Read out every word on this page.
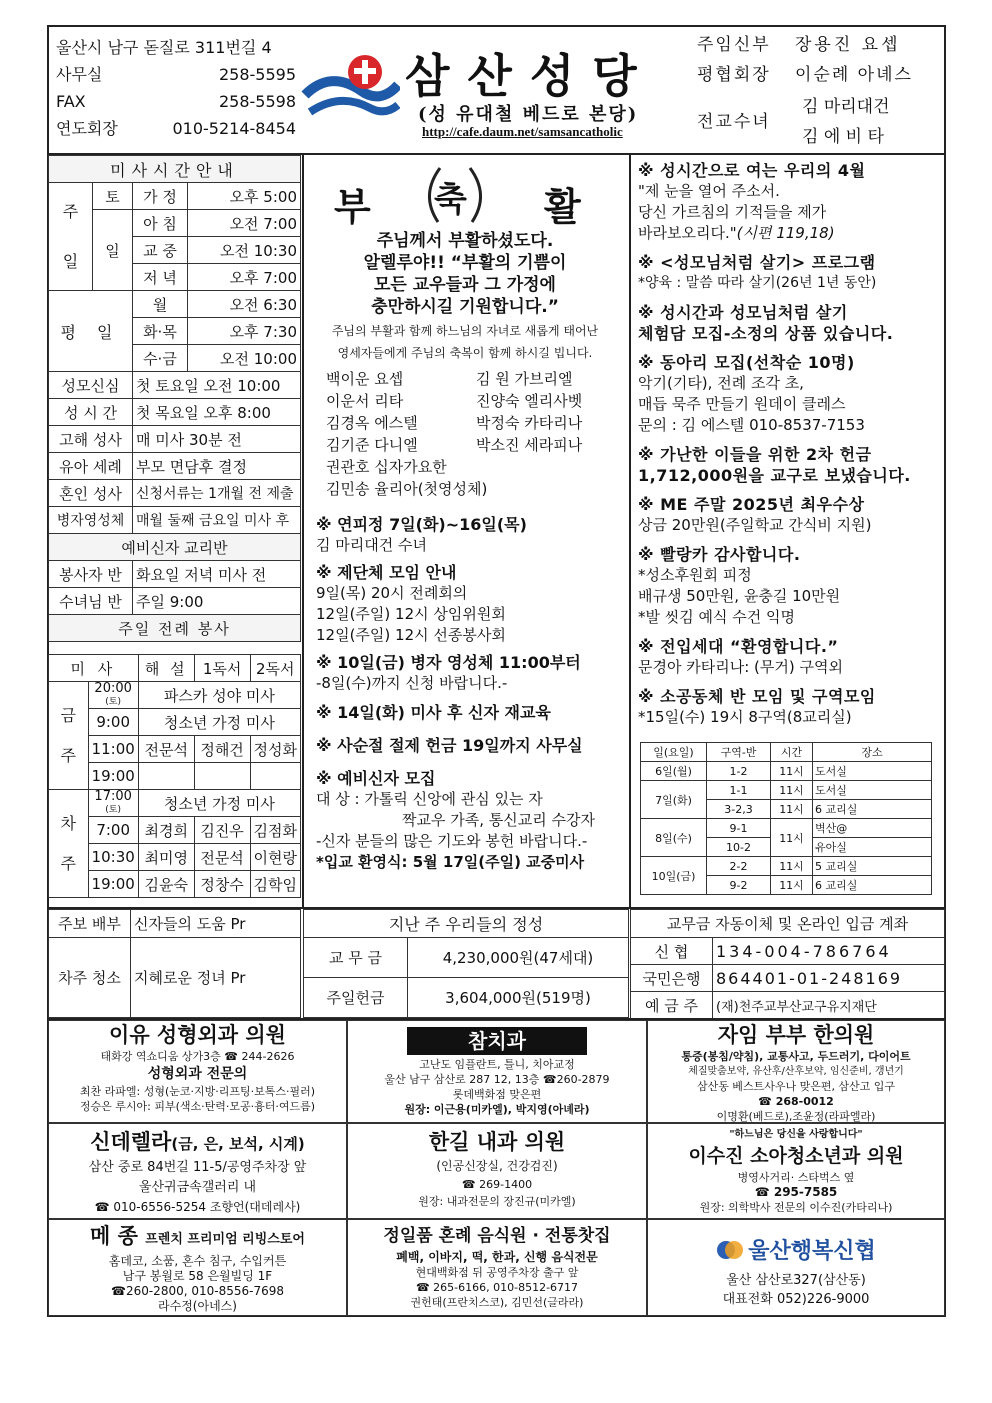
울산시 남구 돋질로 311번길 4
사무실	258-5595
FAX	258-5598
연도회장	010-5214-8454
삼산성당
(성 유대철 베드로 본당)
http://cafe.daum.net/samsancatholic
주임신부	장용진 요셉
평협회장	이순례 아녜스
전교수녀
김 마리대건
김 에 비 타
미사시간안내			
주
일	토	가 정	오후 5:00
	일	아 침	오전 7:00
		교 중	오전 10:30
		저 녁	오후 7:00
평 일		월	오전 6:30
		화·목	오후 7:30
		수·금	오전 10:00
성모신심		첫 토요일 오전 10:00	
성 시 간		첫 목요일 오후 8:00	
고해 성사		매 미사 30분 전	
유아 세례		부모 면담후 결정	
혼인 성사		신청서류는 1개월 전 제출	
병자영성체		매월 둘째 금요일 미사 후	
예비신자 교리반			
봉사자 반		화요일 저녁 미사 전	
수녀님 반		주일 9:00	
주일 전례 봉사			
미 사		해 설	1독서	2독서
금
주	20:00
(토)	파스카 성야 미사		
	9:00	청소년 가정 미사		
	11:00	전문석	정해건	정성화
	19:00			
차
주	17:00
(토)	청소년 가정 미사		
	7:00	최경희	김진우	김점화
	10:30	최미영	전문석	이현랑
	19:00	김윤숙	정창수	김학임
부 축 활
주님께서 부활하셨도다.
알렐루야!! “부활의 기쁨이
모든 교우들과 그 가정에
충만하시길 기원합니다.”
주님의 부활과 함께 하느님의 자녀로 새롭게 태어난
영세자들에게 주님의 축복이 함께 하시길 빕니다.
백이운 요셉	김 원 가브리엘
이운서 리타	진양숙 엘리사벳
김경옥 에스텔	박정숙 카타리나
김기준 다니엘	박소진 세라피나
권관호 십자가요한
김민송 율리아(첫영성체)
※ 연피정 7일(화)~16일(목)
김 마리대건 수녀
※ 제단체 모임 안내
9일(목) 20시 전례회의
12일(주일) 12시 상임위원회
12일(주일) 12시 선종봉사회
※ 10일(금) 병자 영성체 11:00부터
-8일(수)까지 신청 바랍니다.-
※ 14일(화) 미사 후 신자 재교육
※ 사순절 절제 헌금 19일까지 사무실
※ 예비신자 모집
대 상 : 가톨릭 신앙에 관심 있는 자
짝교우 가족, 통신교리 수강자
-신자 분들의 많은 기도와 봉헌 바랍니다.-
*입교 환영식: 5월 17일(주일) 교중미사
※ 성시간으로 여는 우리의 4월
"제 눈을 열어 주소서.
당신 가르침의 기적들을 제가
바라보오리다."(시편 119,18)
※ <성모님처럼 살기> 프로그램
*양육 : 말씀 따라 살기(26년 1년 동안)
※ 성시간과 성모님처럼 살기
체험담 모집-소정의 상품 있습니다.
※ 동아리 모집(선착순 10명)
악기(기타), 전례 조각 초,
매듭 묵주 만들기 원데이 클레스
문의 : 김 에스텔 010-8537-7153
※ 가난한 이들을 위한 2차 헌금
1,712,000원을 교구로 보냈습니다.
※ ME 주말 2025년 최우수상
상금 20만원(주일학교 간식비 지원)
※ 빨랑카 감사합니다.
*성소후원회 피정
배규생 50만원, 윤충길 10만원
*발 씻김 예식 수건 익명
※ 전입세대 “환영합니다.”
문경아 카타리나: (무거) 구역외
※ 소공동체 반 모임 및 구역모임
*15일(수) 19시 8구역(8교리실)
일(요일)	구역-반	시간	장소
6일(월)	1-2	11시	도서실
7일(화)	1-1	11시	도서실
	3-2,3	11시	6 교리실
8일(수)	9-1	11시	벽산@
	10-2		유아실
10일(금)	2-2	11시	5 교리실
	9-2	11시	6 교리실
주보 배부	신자들의 도움 Pr
차주 청소	지혜로운 정녀 Pr
지난 주 우리들의 정성	
교 무 금	4,230,000원(47세대)
주일헌금	3,604,000원(519명)
교무금 자동이체 및 온라인 입금 계좌	
신 협	134-004-786764
국민은행	864401-01-248169
예 금 주	(재)천주교부산교구유지재단
이유 성형외과 의원
태화강 역쇼디움 상가3층 ☎ 244-2626
성형외과 전문의
최찬 라파엘: 성형(눈코·지방·리프팅·보톡스·필러)
정승은 루시아: 피부(색소·탄력·모공·흉터·여드름)
참치과
고난도 임플란트, 틀니, 치아교정
울산 남구 삼산로 287 12, 13층 ☎260-2879
롯데백화점 맞은편
원장: 이근용(미카엘), 박지영(아녜라)
자임 부부 한의원
통증(봉침/약침), 교통사고, 두드러기, 다이어트
체질맞춤보약, 유산후/산후보약, 임신준비, 갱년기
삼산동 베스트사우나 맞은편, 삼산고 입구
☎ 268-0012
이명환(베드로),조윤정(라파엘라)
신데렐라(금, 은, 보석, 시계)
삼산 중로 84번길 11-5/공영주차장 앞
울산귀금속갤러리 내
☎ 010-6556-5254 조향언(대데레사)
한길 내과 의원
(인공신장실, 건강검진)
☎ 269-1400
원장: 내과전문의 장진규(미카엘)
"하느님은 당신을 사랑합니다"
이수진 소아청소년과 의원
병영사거리· 스타벅스 옆
☎ 295-7585
원장: 의학박사 전문의 이수진(카타리나)
메 종 프렌치 프리미엄 리빙스토어
홈데코, 소품, 혼수 침구, 수입커튼
남구 봉월로 58 은월빌딩 1F
☎260-2800, 010-8556-7698
라수정(아네스)
정일품 혼례 음식원 · 전통찻집
폐백, 이바지, 떡, 한과, 신행 음식전문
현대백화점 뒤 공영주차장 출구 앞
☎ 265-6166, 010-8512-6717
권헌태(프란치스코), 김민선(글라라)
울산행복신협
울산 삼산로327(삼산동)
대표전화 052)226-9000
